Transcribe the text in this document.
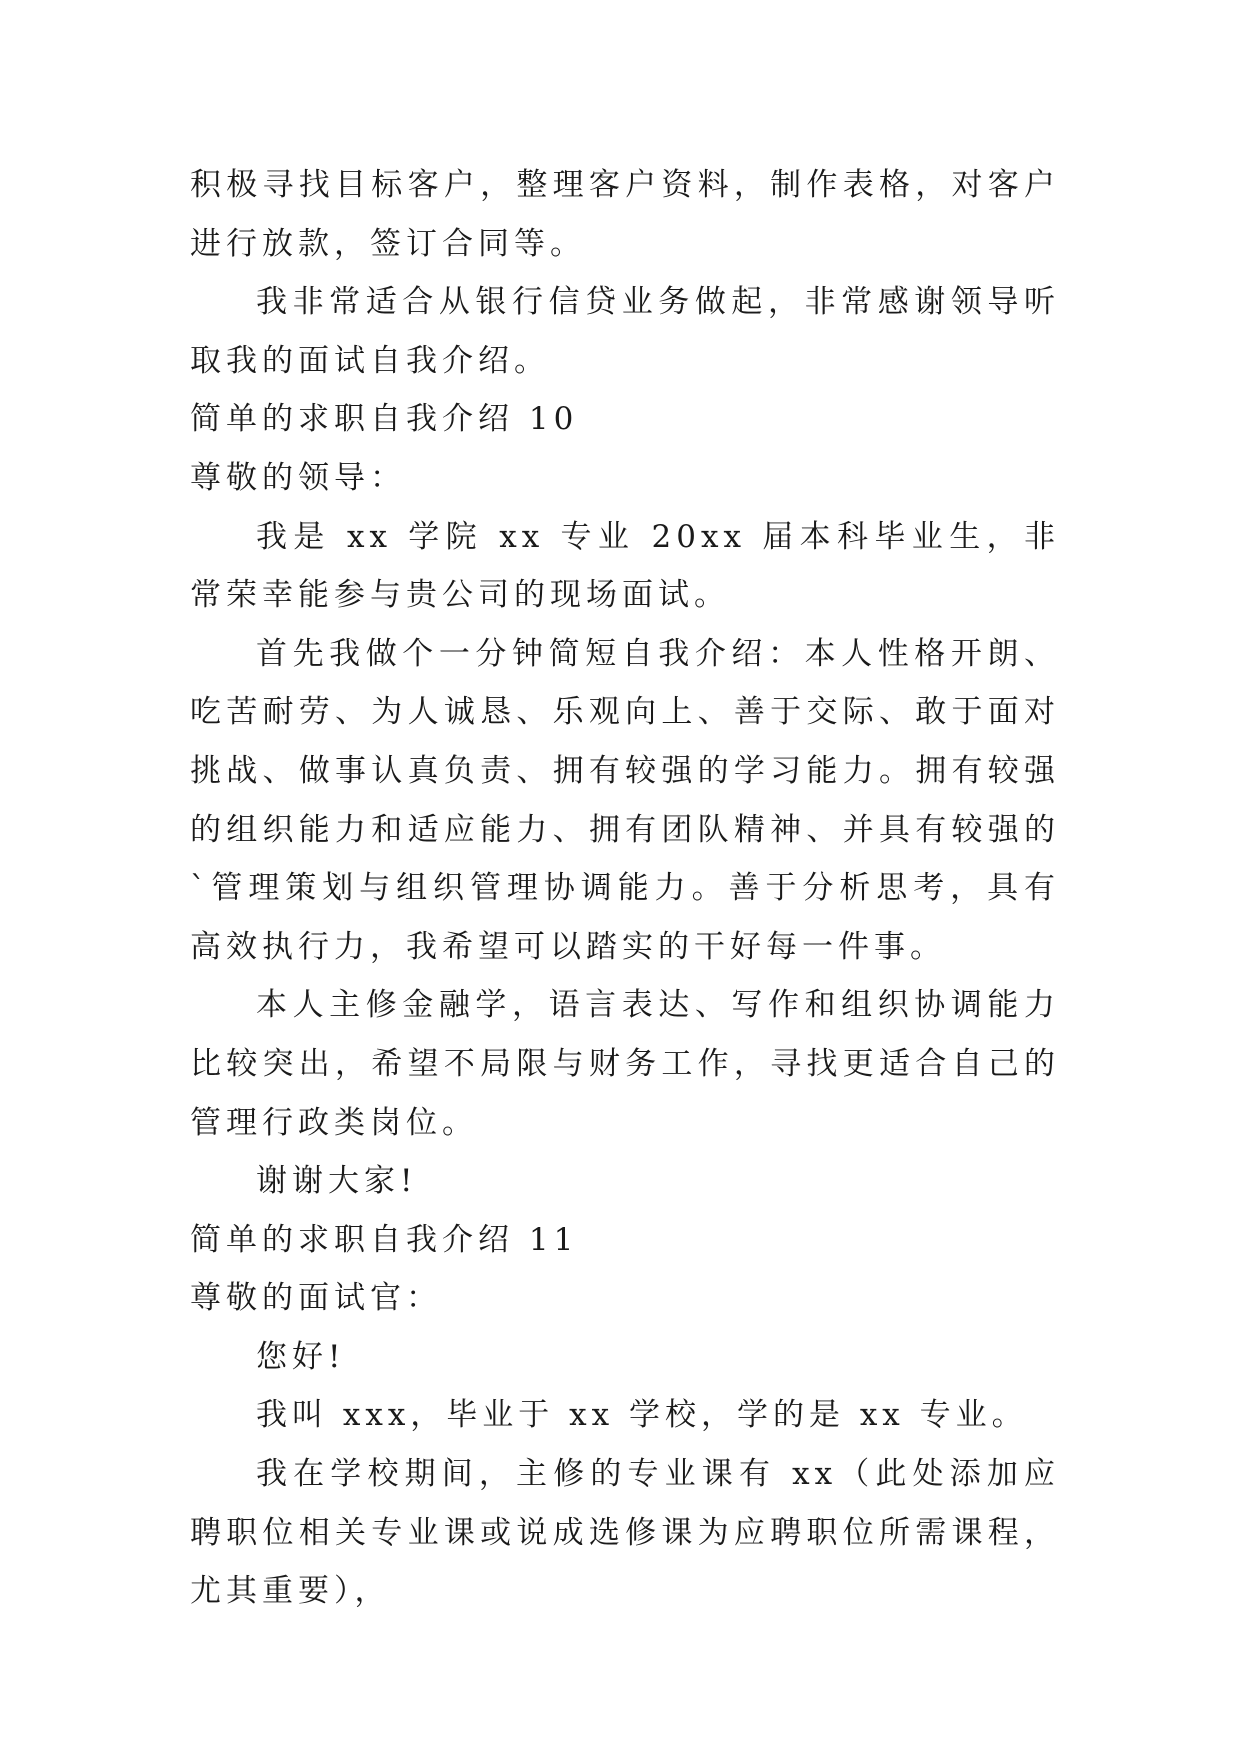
积极寻找目标客户，整理客户资料，制作表格，对客户进行放款，签订合同等。

我非常适合从银行信贷业务做起，非常感谢领导听取我的面试自我介绍。

简单的求职自我介绍 10

尊敬的领导：

我是 xx 学院 xx 专业 20xx 届本科毕业生，非常荣幸能参与贵公司的现场面试。

首先我做个一分钟简短自我介绍：本人性格开朗、吃苦耐劳、为人诚恳、乐观向上、善于交际、敢于面对挑战、做事认真负责、拥有较强的学习能力。拥有较强的组织能力和适应能力、拥有团队精神、并具有较强的`管理策划与组织管理协调能力。善于分析思考，具有高效执行力，我希望可以踏实的干好每一件事。

本人主修金融学，语言表达、写作和组织协调能力比较突出，希望不局限与财务工作，寻找更适合自己的管理行政类岗位。

谢谢大家!

简单的求职自我介绍 11

尊敬的面试官：

您好!

我叫 xxx，毕业于 xx 学校，学的是 xx 专业。

我在学校期间，主修的专业课有 xx（此处添加应聘职位相关专业课或说成选修课为应聘职位所需课程，尤其重要），
